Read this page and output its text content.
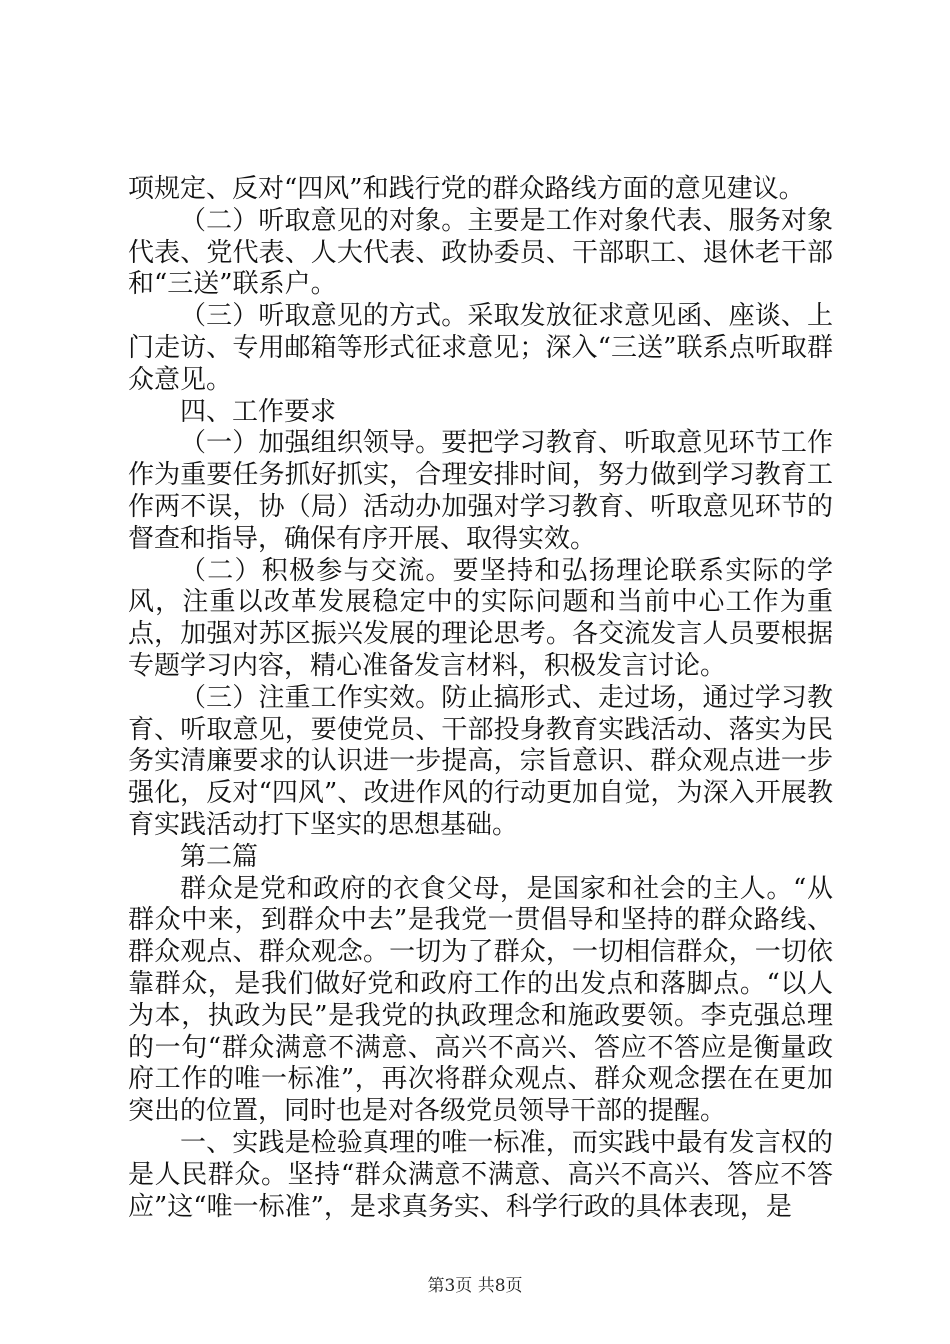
项规定、反对“四风”和践行党的群众路线方面的意见建议。

（二）听取意见的对象。主要是工作对象代表、服务对象代表、党代表、人大代表、政协委员、干部职工、退休老干部和“三送”联系户。

（三）听取意见的方式。采取发放征求意见函、座谈、上门走访、专用邮箱等形式征求意见；深入“三送”联系点听取群众意见。

四、工作要求

（一）加强组织领导。要把学习教育、听取意见环节工作作为重要任务抓好抓实，合理安排时间，努力做到学习教育工作两不误，协（局）活动办加强对学习教育、听取意见环节的督查和指导，确保有序开展、取得实效。

（二）积极参与交流。要坚持和弘扬理论联系实际的学风，注重以改革发展稳定中的实际问题和当前中心工作为重点，加强对苏区振兴发展的理论思考。各交流发言人员要根据专题学习内容，精心准备发言材料，积极发言讨论。

（三）注重工作实效。防止搞形式、走过场，通过学习教育、听取意见，要使党员、干部投身教育实践活动、落实为民务实清廉要求的认识进一步提高，宗旨意识、群众观点进一步强化，反对“四风”、改进作风的行动更加自觉，为深入开展教育实践活动打下坚实的思想基础。

第二篇

群众是党和政府的衣食父母，是国家和社会的主人。“从群众中来，到群众中去”是我党一贯倡导和坚持的群众路线、群众观点、群众观念。一切为了群众，一切相信群众，一切依靠群众，是我们做好党和政府工作的出发点和落脚点。“以人为本，执政为民”是我党的执政理念和施政要领。李克强总理的一句“群众满意不满意、高兴不高兴、答应不答应是衡量政府工作的唯一标准”，再次将群众观点、群众观念摆在在更加突出的位置，同时也是对各级党员领导干部的提醒。

一、实践是检验真理的唯一标准，而实践中最有发言权的是人民群众。坚持“群众满意不满意、高兴不高兴、答应不答应”这“唯一标准”，是求真务实、科学行政的具体表现，是

第3页 共8页
